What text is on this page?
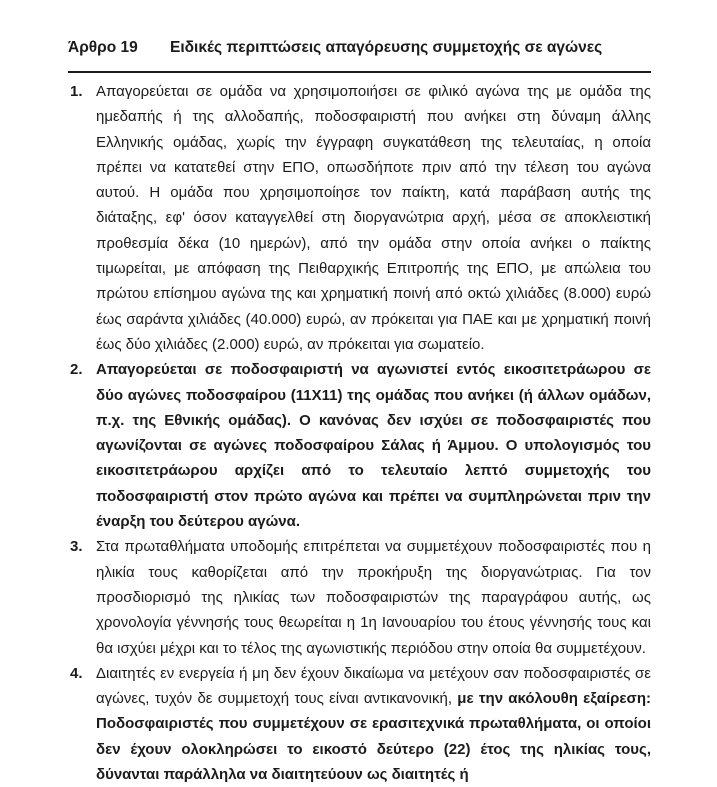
Άρθρο 19 Ειδικές περιπτώσεις απαγόρευσης συμμετοχής σε αγώνες
1. Απαγορεύεται σε ομάδα να χρησιμοποιήσει σε φιλικό αγώνα της με ομάδα της ημεδαπής ή της αλλοδαπής, ποδοσφαιριστή που ανήκει στη δύναμη άλλης Ελληνικής ομάδας, χωρίς την έγγραφη συγκατάθεση της τελευταίας, η οποία πρέπει να κατατεθεί στην ΕΠΟ, οπωσδήποτε πριν από την τέλεση του αγώνα αυτού. Η ομάδα που χρησιμοποίησε τον παίκτη, κατά παράβαση αυτής της διάταξης, εφ' όσον καταγγελθεί στη διοργανώτρια αρχή, μέσα σε αποκλειστική προθεσμία δέκα (10 ημερών), από την ομάδα στην οποία ανήκει ο παίκτης τιμωρείται, με απόφαση της Πειθαρχικής Επιτροπής της ΕΠΟ, με απώλεια του πρώτου επίσημου αγώνα της και χρηματική ποινή από οκτώ χιλιάδες (8.000) ευρώ έως σαράντα χιλιάδες (40.000) ευρώ, αν πρόκειται για ΠΑΕ και με χρηματική ποινή έως δύο χιλιάδες (2.000) ευρώ, αν πρόκειται για σωματείο.
2. Απαγορεύεται σε ποδοσφαιριστή να αγωνιστεί εντός εικοσιτετράωρου σε δύο αγώνες ποδοσφαίρου (11Χ11) της ομάδας που ανήκει (ή άλλων ομάδων, π.χ. της Εθνικής ομάδας). Ο κανόνας δεν ισχύει σε ποδοσφαιριστές που αγωνίζονται σε αγώνες ποδοσφαίρου Σάλας ή Άμμου. Ο υπολογισμός του εικοσιτετράωρου αρχίζει από το τελευταίο λεπτό συμμετοχής του ποδοσφαιριστή στον πρώτο αγώνα και πρέπει να συμπληρώνεται πριν την έναρξη του δεύτερου αγώνα.
3. Στα πρωταθλήματα υποδομής επιτρέπεται να συμμετέχουν ποδοσφαιριστές που η ηλικία τους καθορίζεται από την προκήρυξη της διοργανώτριας. Για τον προσδιορισμό της ηλικίας των ποδοσφαιριστών της παραγράφου αυτής, ως χρονολογία γέννησής τους θεωρείται η 1η Ιανουαρίου του έτους γέννησής τους και θα ισχύει μέχρι και το τέλος της αγωνιστικής περιόδου στην οποία θα συμμετέχουν.
4. Διαιτητές εν ενεργεία ή μη δεν έχουν δικαίωμα να μετέχουν σαν ποδοσφαιριστές σε αγώνες, τυχόν δε συμμετοχή τους είναι αντικανονική, με την ακόλουθη εξαίρεση: Ποδοσφαιριστές που συμμετέχουν σε ερασιτεχνικά πρωταθλήματα, οι οποίοι δεν έχουν ολοκληρώσει το εικοστό δεύτερο (22) έτος της ηλικίας τους, δύνανται παράλληλα να διαιτητεύουν ως διαιτητές ή
